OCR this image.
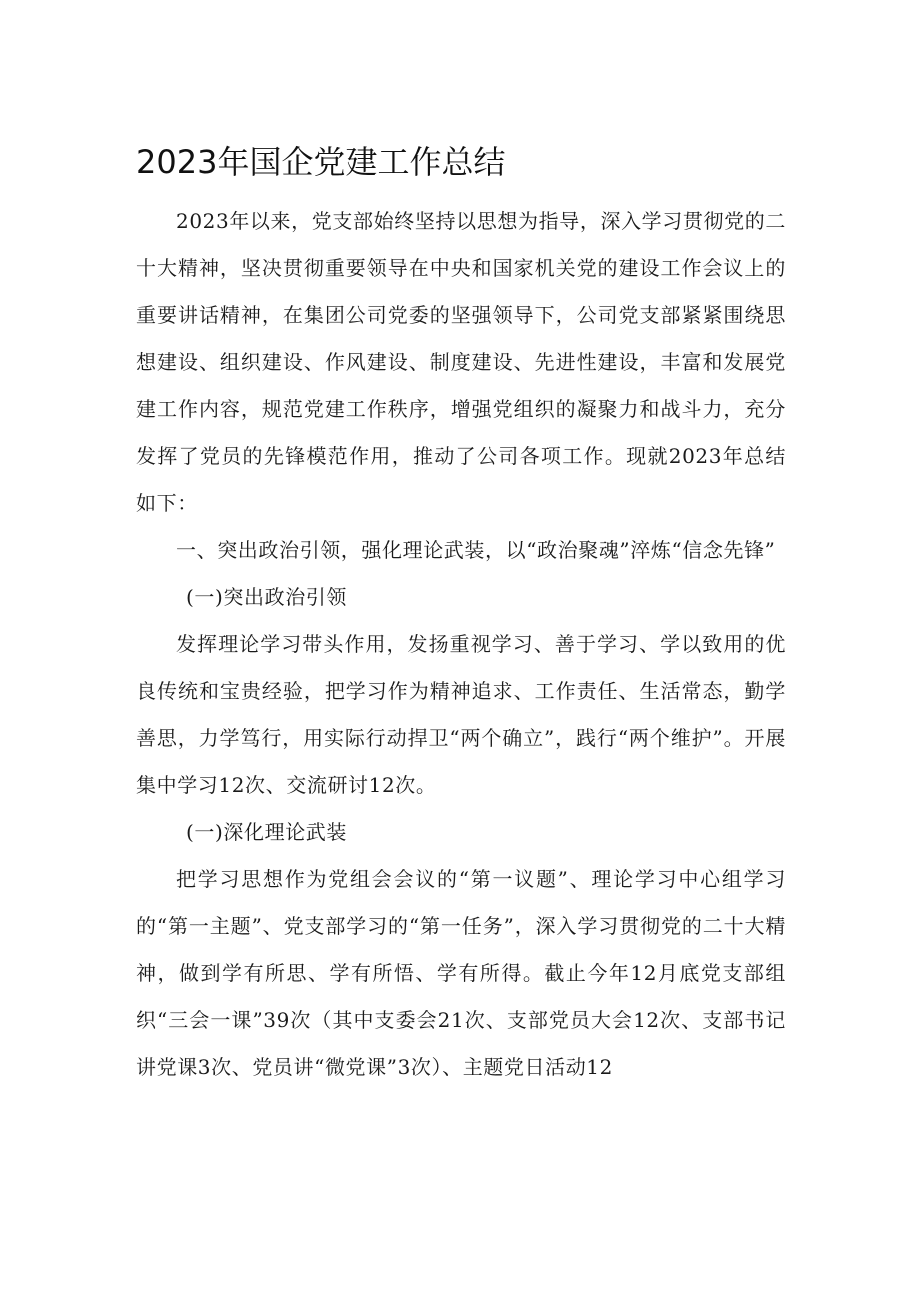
2023年国企党建工作总结

2023年以来，党支部始终坚持以思想为指导，深入学习贯彻党的二十大精神，坚决贯彻重要领导在中央和国家机关党的建设工作会议上的重要讲话精神，在集团公司党委的坚强领导下，公司党支部紧紧围绕思想建设、组织建设、作风建设、制度建设、先进性建设，丰富和发展党建工作内容，规范党建工作秩序，增强党组织的凝聚力和战斗力，充分发挥了党员的先锋模范作用，推动了公司各项工作。现就2023年总结如下：

一、突出政治引领，强化理论武装，以“政治聚魂”淬炼“信念先锋”

(一)突出政治引领

发挥理论学习带头作用，发扬重视学习、善于学习、学以致用的优良传统和宝贵经验，把学习作为精神追求、工作责任、生活常态，勤学善思，力学笃行，用实际行动捍卫“两个确立”，践行“两个维护”。开展集中学习12次、交流研讨12次。

(一)深化理论武装

把学习思想作为党组会会议的“第一议题”、理论学习中心组学习的“第一主题”、党支部学习的“第一任务”，深入学习贯彻党的二十大精神，做到学有所思、学有所悟、学有所得。截止今年12月底党支部组织“三会一课”39次（其中支委会21次、支部党员大会12次、支部书记讲党课3次、党员讲“微党课”3次）、主题党日活动12
